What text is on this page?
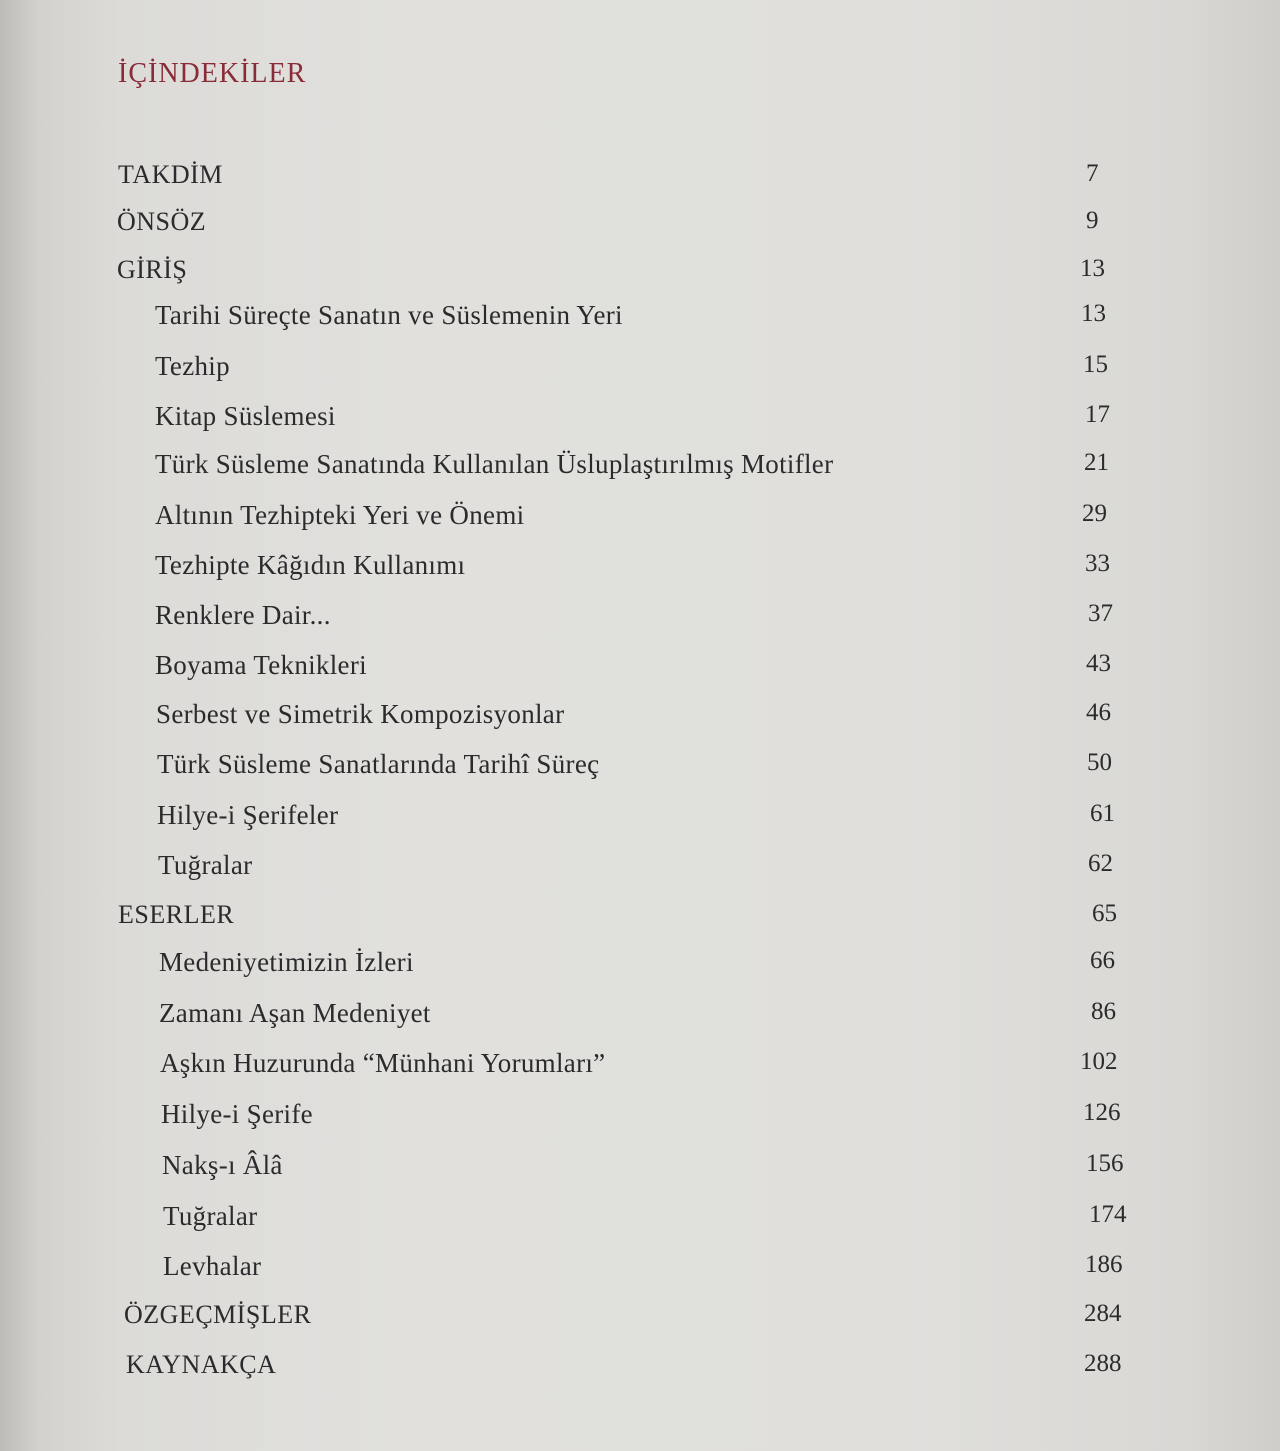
İÇİNDEKİLER
TAKDİM	7
ÖNSÖZ	9
GİRİŞ	13
Tarihi Süreçte Sanatın ve Süslemenin Yeri	13
Tezhip	15
Kitap Süslemesi	17
Türk Süsleme Sanatında Kullanılan Üsluplaştırılmış Motifler	21
Altının Tezhipteki Yeri ve Önemi	29
Tezhipte Kâğıdın Kullanımı	33
Renklere Dair...	37
Boyama Teknikleri	43
Serbest ve Simetrik Kompozisyonlar	46
Türk Süsleme Sanatlarında Tarihî Süreç	50
Hilye-i Şerifeler	61
Tuğralar	62
ESERLER	65
Medeniyetimizin İzleri	66
Zamanı Aşan Medeniyet	86
Aşkın Huzurunda “Münhani Yorumları”	102
Hilye-i Şerife	126
Nakş-ı Âlâ	156
Tuğralar	174
Levhalar	186
ÖZGEÇMİŞLER	284
KAYNAKÇA	288
